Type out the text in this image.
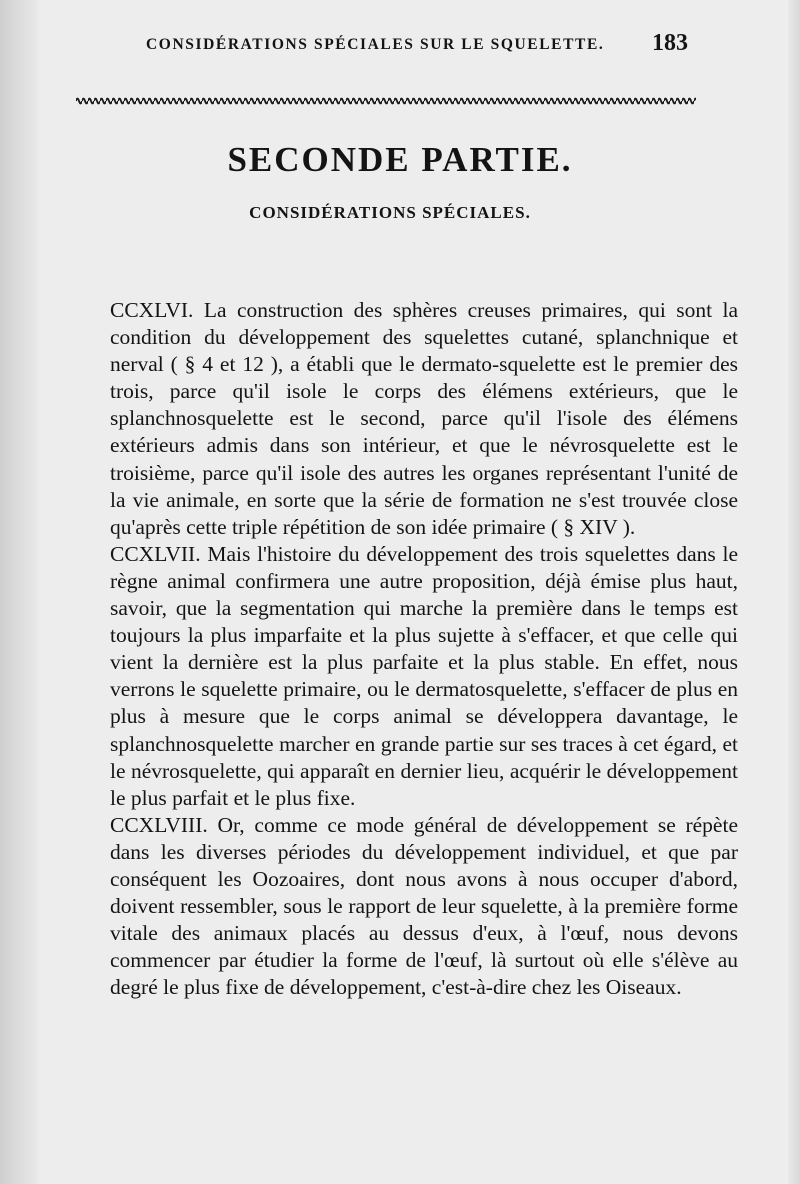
CONSIDÉRATIONS SPÉCIALES SUR LE SQUELETTE.	183
SECONDE PARTIE.
CONSIDÉRATIONS SPÉCIALES.

CCXLVI. La construction des sphères creuses primaires, qui sont la condition du développement des squelettes cutané, splanchnique et nerval ( § 4 et 12 ), a établi que le dermato-squelette est le premier des trois, parce qu'il isole le corps des élémens extérieurs, que le splanchnosquelette est le second, parce qu'il l'isole des élémens extérieurs admis dans son intérieur, et que le névrosquelette est le troisième, parce qu'il isole des autres les organes représentant l'unité de la vie animale, en sorte que la série de formation ne s'est trouvée close qu'après cette triple répétition de son idée primaire ( § XIV ).

CCXLVII. Mais l'histoire du développement des trois squelettes dans le règne animal confirmera une autre proposition, déjà émise plus haut, savoir, que la segmentation qui marche la première dans le temps est toujours la plus imparfaite et la plus sujette à s'effacer, et que celle qui vient la dernière est la plus parfaite et la plus stable. En effet, nous verrons le squelette primaire, ou le dermatosquelette, s'effacer de plus en plus à mesure que le corps animal se développera davantage, le splanchnosquelette marcher en grande partie sur ses traces à cet égard, et le névrosquelette, qui apparaît en dernier lieu, acquérir le développement le plus parfait et le plus fixe.

CCXLVIII. Or, comme ce mode général de développement se répète dans les diverses périodes du développement individuel, et que par conséquent les Oozoaires, dont nous avons à nous occuper d'abord, doivent ressembler, sous le rapport de leur squelette, à la première forme vitale des animaux placés au dessus d'eux, à l'œuf, nous devons commencer par étudier la forme de l'œuf, là surtout où elle s'élève au degré le plus fixe de développement, c'est-à-dire chez les Oiseaux.
